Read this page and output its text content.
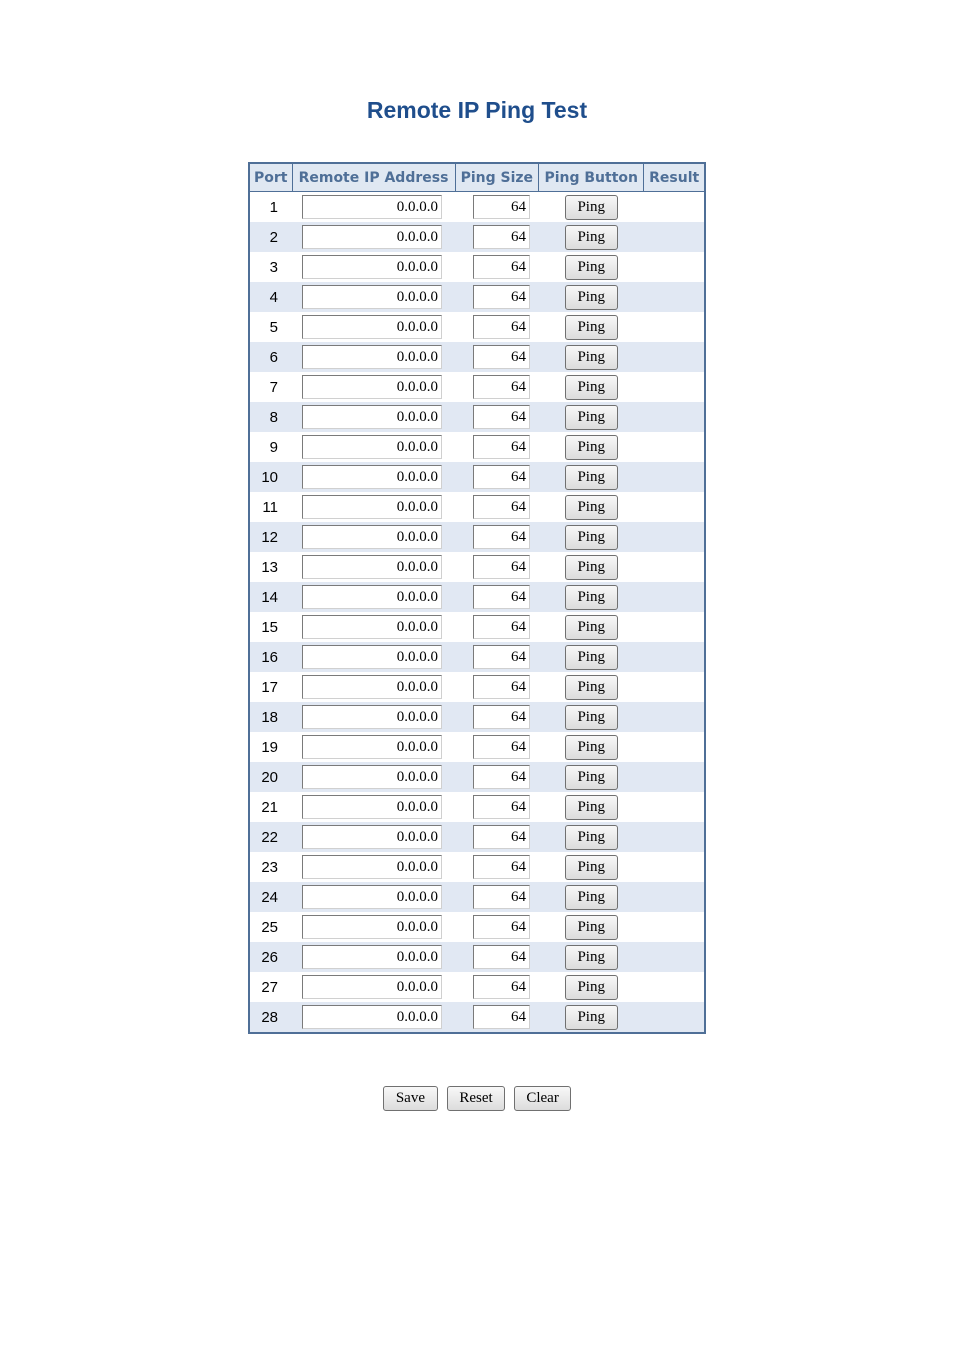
Remote IP Ping Test
Port	Remote IP Address	Ping Size	Ping Button	Result
1	0.0.0.0	64	Ping	
2	0.0.0.0	64	Ping	
3	0.0.0.0	64	Ping	
4	0.0.0.0	64	Ping	
5	0.0.0.0	64	Ping	
6	0.0.0.0	64	Ping	
7	0.0.0.0	64	Ping	
8	0.0.0.0	64	Ping	
9	0.0.0.0	64	Ping	
10	0.0.0.0	64	Ping	
11	0.0.0.0	64	Ping	
12	0.0.0.0	64	Ping	
13	0.0.0.0	64	Ping	
14	0.0.0.0	64	Ping	
15	0.0.0.0	64	Ping	
16	0.0.0.0	64	Ping	
17	0.0.0.0	64	Ping	
18	0.0.0.0	64	Ping	
19	0.0.0.0	64	Ping	
20	0.0.0.0	64	Ping	
21	0.0.0.0	64	Ping	
22	0.0.0.0	64	Ping	
23	0.0.0.0	64	Ping	
24	0.0.0.0	64	Ping	
25	0.0.0.0	64	Ping	
26	0.0.0.0	64	Ping	
27	0.0.0.0	64	Ping	
28	0.0.0.0	64	Ping	
Save Reset Clear
